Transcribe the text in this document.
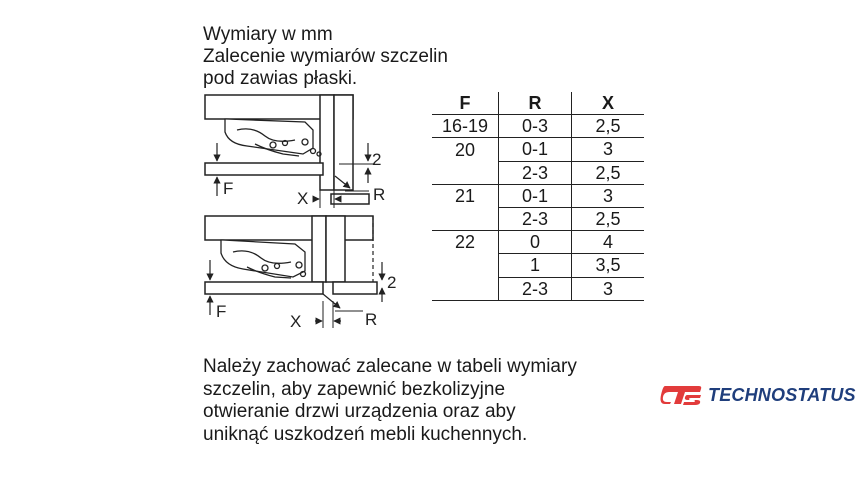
Wymiary w mm
Zalecenie wymiarów szczelin
pod zawias płaski.
F
2
X	R
F
2
X	R
F	R	X
16-19	0-3	2,5
20	0-1	3
	2-3	2,5
21	0-1	3
	2-3	2,5
22	0	4
	1	3,5
	2-3	3
Należy zachować zalecane w tabeli wymiary
szczelin, aby zapewnić bezkolizyjne
otwieranie drzwi urządzenia oraz aby
uniknąć uszkodzeń mebli kuchennych.
TECHNOSTATUS
